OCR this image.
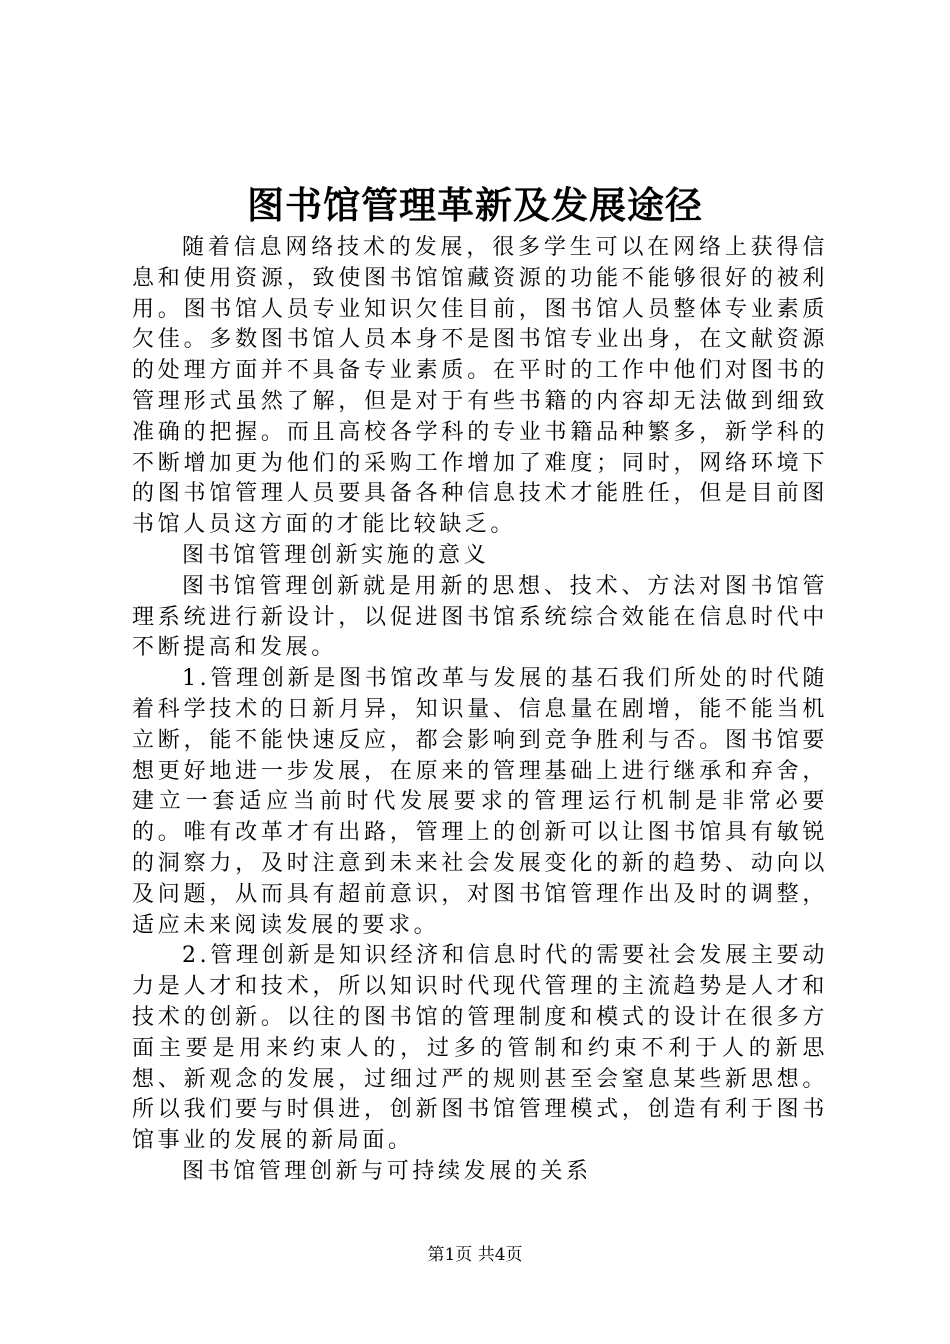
图书馆管理革新及发展途径

随着信息网络技术的发展，很多学生可以在网络上获得信息和使用资源，致使图书馆馆藏资源的功能不能够很好的被利用。图书馆人员专业知识欠佳目前，图书馆人员整体专业素质欠佳。多数图书馆人员本身不是图书馆专业出身，在文献资源的处理方面并不具备专业素质。在平时的工作中他们对图书的管理形式虽然了解，但是对于有些书籍的内容却无法做到细致准确的把握。而且高校各学科的专业书籍品种繁多，新学科的不断增加更为他们的采购工作增加了难度；同时，网络环境下的图书馆管理人员要具备各种信息技术才能胜任，但是目前图书馆人员这方面的才能比较缺乏。

图书馆管理创新实施的意义

图书馆管理创新就是用新的思想、技术、方法对图书馆管理系统进行新设计，以促进图书馆系统综合效能在信息时代中不断提高和发展。

1.管理创新是图书馆改革与发展的基石我们所处的时代随着科学技术的日新月异，知识量、信息量在剧增，能不能当机立断，能不能快速反应，都会影响到竞争胜利与否。图书馆要想更好地进一步发展，在原来的管理基础上进行继承和弃舍，建立一套适应当前时代发展要求的管理运行机制是非常必要的。唯有改革才有出路，管理上的创新可以让图书馆具有敏锐的洞察力，及时注意到未来社会发展变化的新的趋势、动向以及问题，从而具有超前意识，对图书馆管理作出及时的调整，适应未来阅读发展的要求。

2.管理创新是知识经济和信息时代的需要社会发展主要动力是人才和技术，所以知识时代现代管理的主流趋势是人才和技术的创新。以往的图书馆的管理制度和模式的设计在很多方面主要是用来约束人的，过多的管制和约束不利于人的新思想、新观念的发展，过细过严的规则甚至会窒息某些新思想。所以我们要与时俱进，创新图书馆管理模式，创造有利于图书馆事业的发展的新局面。

图书馆管理创新与可持续发展的关系

第1页 共4页
